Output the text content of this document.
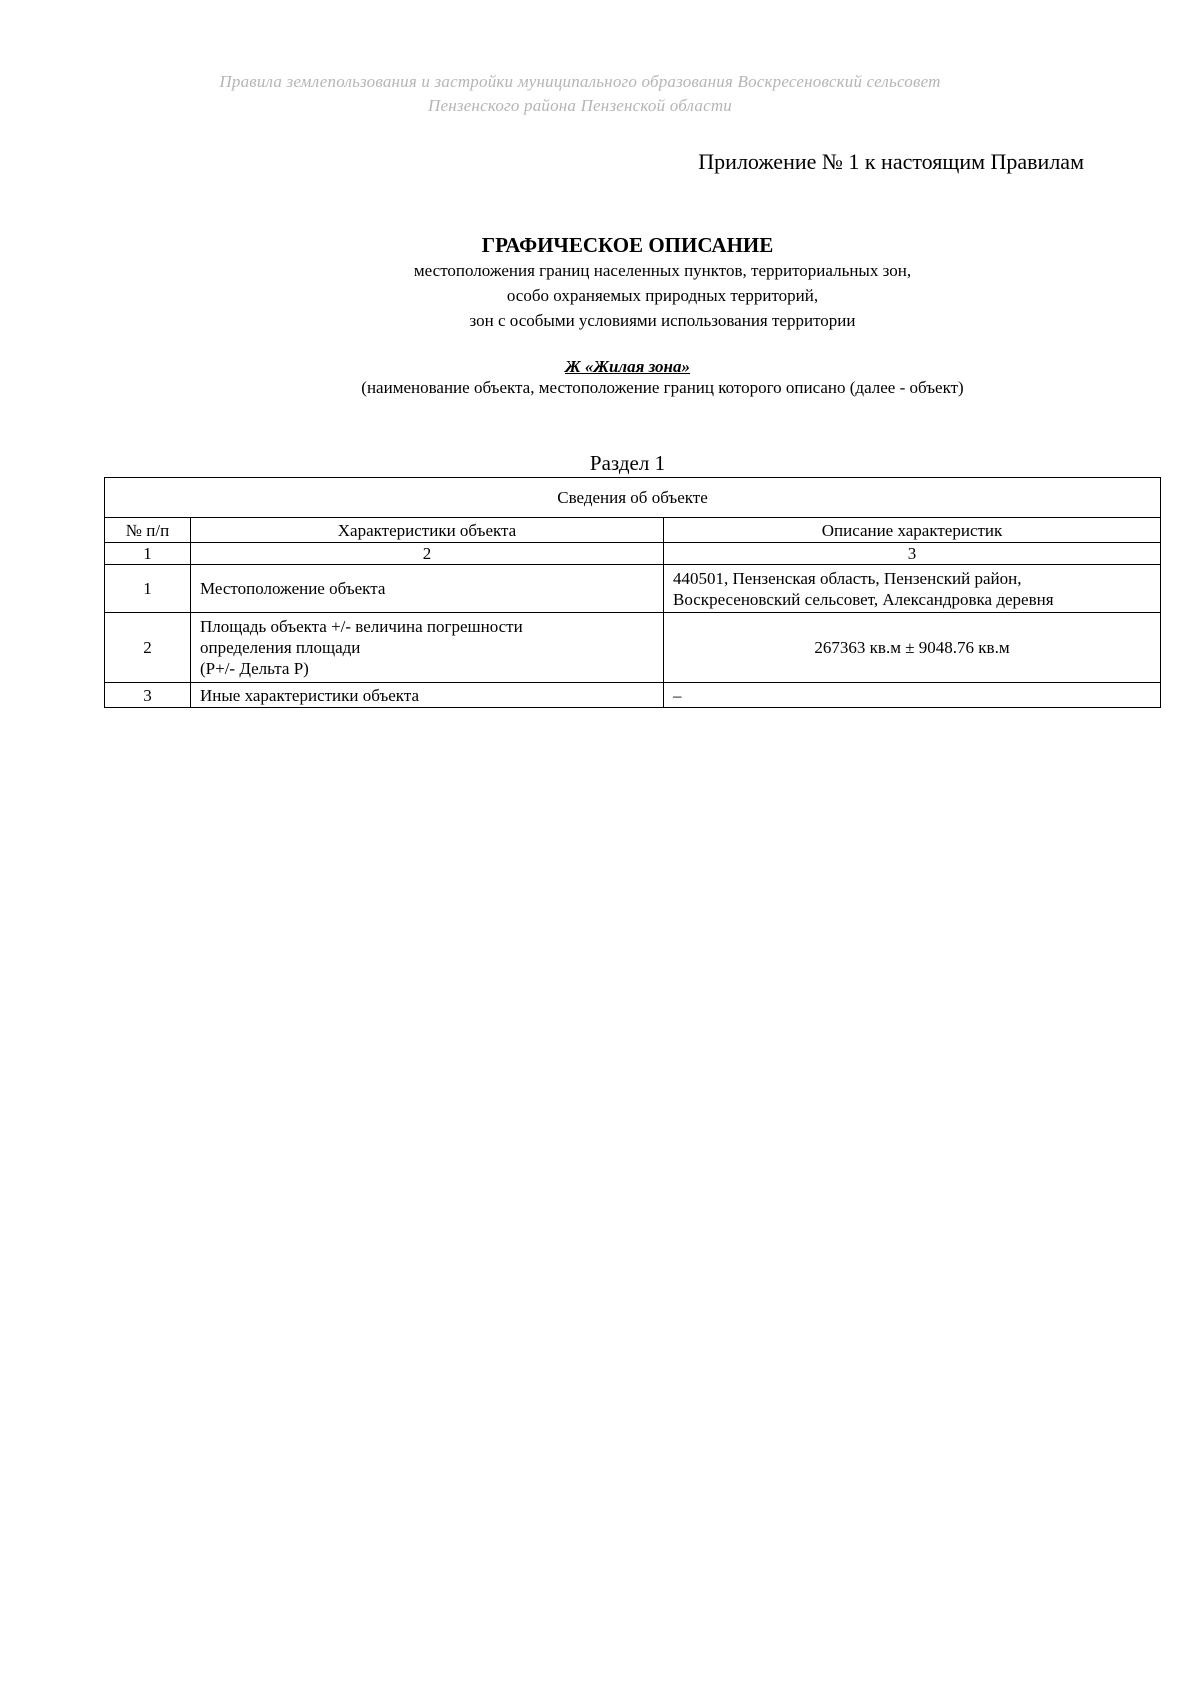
Правила землепользования и застройки муниципального образования Воскресеновский сельсовет
Пензенского района Пензенской области
Приложение № 1 к настоящим Правилам
ГРАФИЧЕСКОЕ ОПИСАНИЕ
местоположения границ населенных пунктов, территориальных зон,
особо охраняемых природных территорий,
зон с особыми условиями использования территории
Ж «Жилая зона»
(наименование объекта, местоположение границ которого описано (далее - объект)
Раздел 1
Сведения об объекте		
№ п/п	Характеристики объекта	Описание характеристик
1	2	3
1	Местоположение объекта	440501, Пензенская область, Пензенский район,
Воскресеновский сельсовет, Александровка деревня

2	Площадь объекта +/- величина погрешности
определения площади
(Р+/- Дельта Р)	267363 кв.м ± 9048.76 кв.м

3	Иные характеристики объекта	–
